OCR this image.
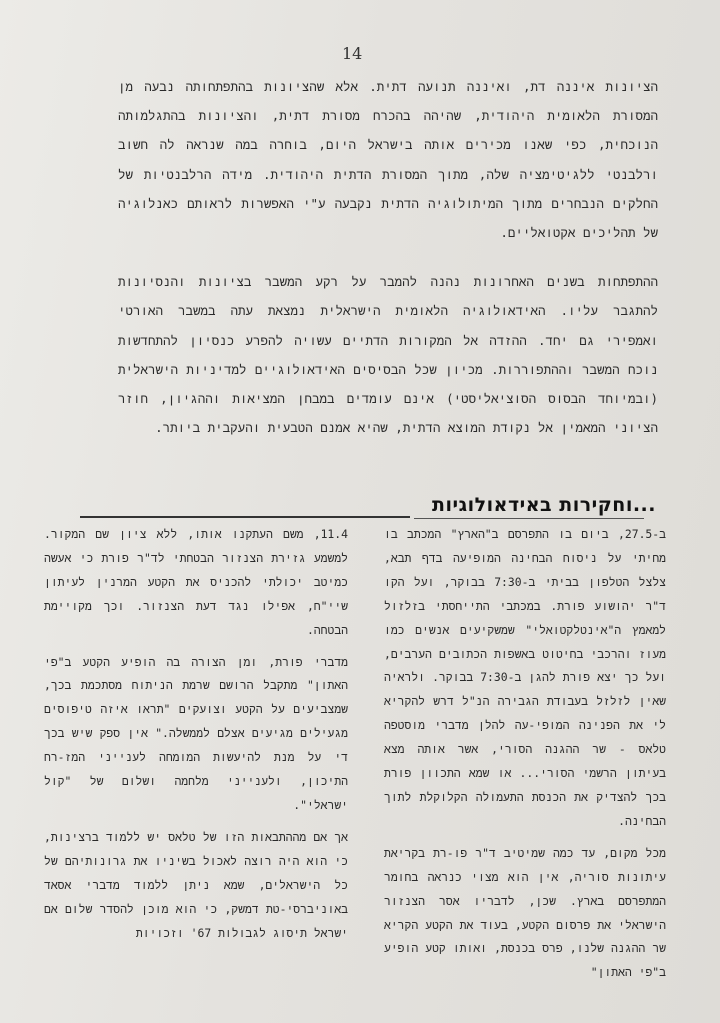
14

הציונות איננה דת, ואיננה תנועה דתית. אלא שהציונות בהתפתחותה נבעה מן המסורת הלאומית היהודית, שהיהה בהכרח מסורת דתית, והציונות בהתגלמותה הנוכחית, כפי שאנו מכירים אותה בישראל היום, בוחרה במה שנראה לה חשוב ורלבנטי ללגיטימציה שלה, מתוך המסורת הדתית היהודית. מידה הרלבנטיות של החלקים הנבחרים מתוך המיתולוגיה הדתית נקבעה ע"י האפשרות לראותם כאנלוגיה של תהליכים אקטואליים.

ההתפתחות בשנים האחרונות נהנה להמבר על רקע המשבר בציונות והנסיונות להתגבר עליו. האידאולוגיה הלאומית הישראלית נמצאת עתה במשבר האורטי ואמפירי גם יחד. ההזדה אל המקורות הדתיים עשויה להפרע כנסיון להתחדשות נוכח המשבר וההתפוררות. מכיון שכל הבסיסים האידאולוגיים למדיניות הישראלית (ובמיוחד הבסוס הסוציאליסטי) אינם עומדים במבחן המציאות וההגיון, חוזר הציוני המאמין אל נקודת המוצא הדתית, שהיא אמנם הטבעית והעקבית ביותר.

...וחקירות באידאולוגיות

ב-27.5, ביום בו התפרסם ב"הארץ" המכתב בו מחיתי על ניסוח הבחינה המופיעה בדף תבא, צלצל הטלפון בביתי ב-7:30 בבוקר, ועל הקו ד"ר יהושוע פורת. במכתבי התייחסתי בזלזול למאמץ ה"אינטלקטואלי" שמשקיעים אנשים כמו מעוז והרכבי בחיטוט באשפות הכתובים הערבים, ועל כך יצא פורת להגן ב-7:30 בבוקר. ולראיה שאין לזלזל בעבודת הגבירה הנ"ל דרש להקריא לי את הפנינה המופי-עה להלן מדברי מוסטפה טלאס - שר ההגנה הסורי, אשר אותה מצא בעיתון הרשמי הסורי... או שמא התכוון פורת בכך להצדיק את הכנסת התעמולה הקלוקלת לתוך הבחינה.

מכל מקום, עד כמה שמיטיב ד"ר פו-רת בקריאת עיתונות סוריה, אין הוא מצוי כנראה בחומר המתפרסם בארץ. שכן, לדבריו אסר הצנזור הישראלי את פרסום הקטע, בעוד את הקטע הקריא שר ההגנה שלנו, פרס בכנסת, ואותו קטע הופיע ב"פי האתון"

11.4, משם העתקנו אותו, ללא ציון שם המקור. למשמע גזירת הצנזור הבטחתי לד"ר פורת כי אעשה כמיטב יכולתי להכניס את הקטע המרנין לעיתון שיי"ח, אפילו נגד דעת הצנזור. וכך מקויימת הבטחה.

מדברי פורת, ומן הצורה בה הופיע הקטע ב"פי האתון" מתקבל הרושם שרמת הניתוח מסתכמת בכך, שמצביעים על הקטע וצועקים "תראו איזה טיפוסים מגעילים מגיעים אצלם לממשלה." אין ספק שיש בכך די על מנת להיעשות המומחה לענייני המז-רח התיכון, ולענייני מלחמה ושלום של "קול ישראלי".

אך אם מההתבאות הזו של טלאס יש ללמוד ברצינות, כי הוא היה רוצה לאכול בשיניו את גרונותיהם של כל הישראלים, שמא ניתן ללמוד מדברי אסאד באוניברסי-טת דמשק, כי הוא מוכן להסדר שלום אם ישראל תיסוג לגבולות 67' וזכויות
